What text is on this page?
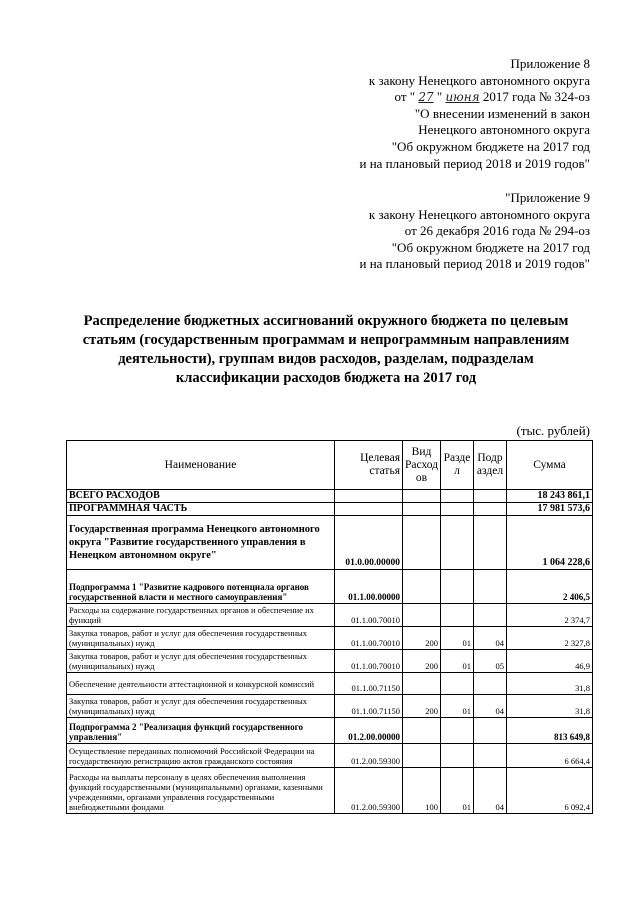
Приложение 8
к закону Ненецкого автономного округа
от " 27 " июня 2017 года № 324-оз
"О внесении изменений в закон
Ненецкого автономного округа
"Об окружном бюджете на 2017 год
и на плановый период 2018 и 2019 годов"
"Приложение 9
к закону Ненецкого автономного округа
от 26 декабря 2016 года № 294-оз
"Об окружном бюджете на 2017 год
и на плановый период 2018 и 2019 годов"
Распределение бюджетных ассигнований окружного бюджета по целевым статьям (государственным программам и непрограммным направлениям деятельности), группам видов расходов, разделам, подразделам классификации расходов бюджета на 2017 год
(тыс. рублей)
Наименование	Целевая статья	Вид Расход ов	Разде л	Подр аздел	Сумма
ВСЕГО РАСХОДОВ					18 243 861,1
ПРОГРАММНАЯ ЧАСТЬ					17 981 573,6
Государственная программа Ненецкого автономного округа "Развитие государственного управления в Ненецком автономном округе"	01.0.00.00000				1 064 228,6
Подпрограмма 1 "Развитие кадрового потенциала органов государственной власти и местного самоуправления"	01.1.00.00000				2 406,5
Расходы на содержание государственных органов и обеспечение их функций	01.1.00.70010				2 374,7
Закупка товаров, работ и услуг для обеспечения государственных (муниципальных) нужд	01.1.00.70010	200	01	04	2 327,8
Закупка товаров, работ и услуг для обеспечения государственных (муниципальных) нужд	01.1.00.70010	200	01	05	46,9
Обеспечение деятельности аттестационной и конкурсной комиссий	01.1.00.71150				31,8
Закупка товаров, работ и услуг для обеспечения государственных (муниципальных) нужд	01.1.00.71150	200	01	04	31,8
Подпрограмма 2 "Реализация функций государственного управления"	01.2.00.00000				813 649,8
Осуществление переданных полномочий Российской Федерации на государственную регистрацию актов гражданского состояния	01.2.00.59300				6 664,4
Расходы на выплаты персоналу в целях обеспечения выполнения функций государственными (муниципальными) органами, казенными учреждениями, органами управления государственными внебюджетными фондами	01.2.00.59300	100	01	04	6 092,4
